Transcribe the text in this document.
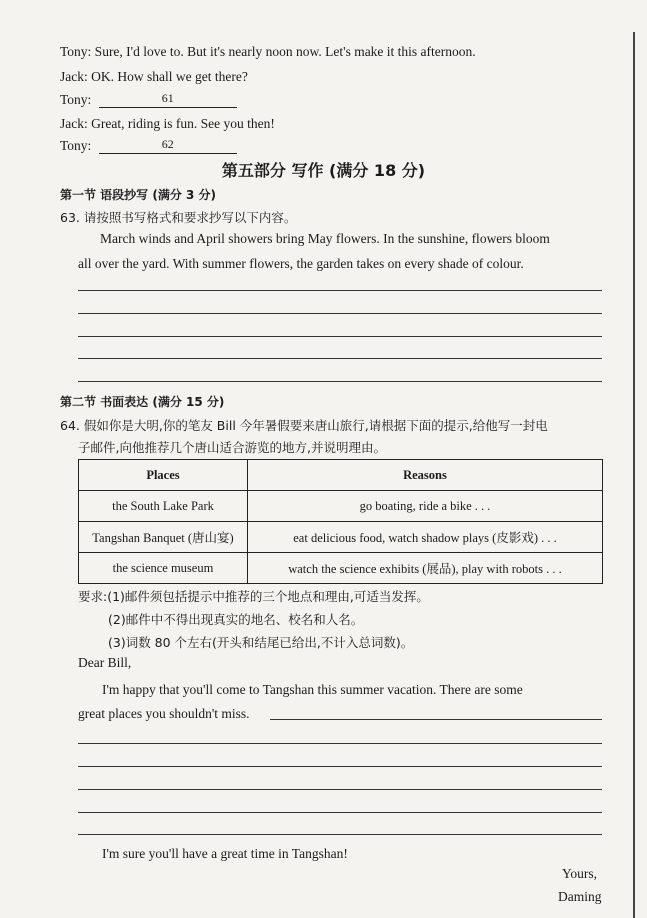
Tony: Sure, I'd love to. But it's nearly noon now. Let's make it this afternoon.
Jack: OK. How shall we get there?
Tony:	61
Jack: Great, riding is fun. See you then!
Tony:	62
第五部分 写作 (满分 18 分)
第一节 语段抄写 (满分 3 分)
63. 请按照书写格式和要求抄写以下内容。
March winds and April showers bring May flowers. In the sunshine, flowers bloom
all over the yard. With summer flowers, the garden takes on every shade of colour.
第二节 书面表达 (满分 15 分)
64. 假如你是大明,你的笔友 Bill 今年暑假要来唐山旅行,请根据下面的提示,给他写一封电
子邮件,向他推荐几个唐山适合游览的地方,并说明理由。
Places	Reasons
the South Lake Park	go boating, ride a bike . . .
Tangshan Banquet (唐山宴)	eat delicious food, watch shadow plays (皮影戏) . . .
the science museum	watch the science exhibits (展品), play with robots . . .
要求:(1)邮件须包括提示中推荐的三个地点和理由,可适当发挥。
(2)邮件中不得出现真实的地名、校名和人名。
(3)词数 80 个左右(开头和结尾已给出,不计入总词数)。
Dear Bill,
I'm happy that you'll come to Tangshan this summer vacation. There are some
great places you shouldn't miss.
I'm sure you'll have a great time in Tangshan!
Yours,
Daming
